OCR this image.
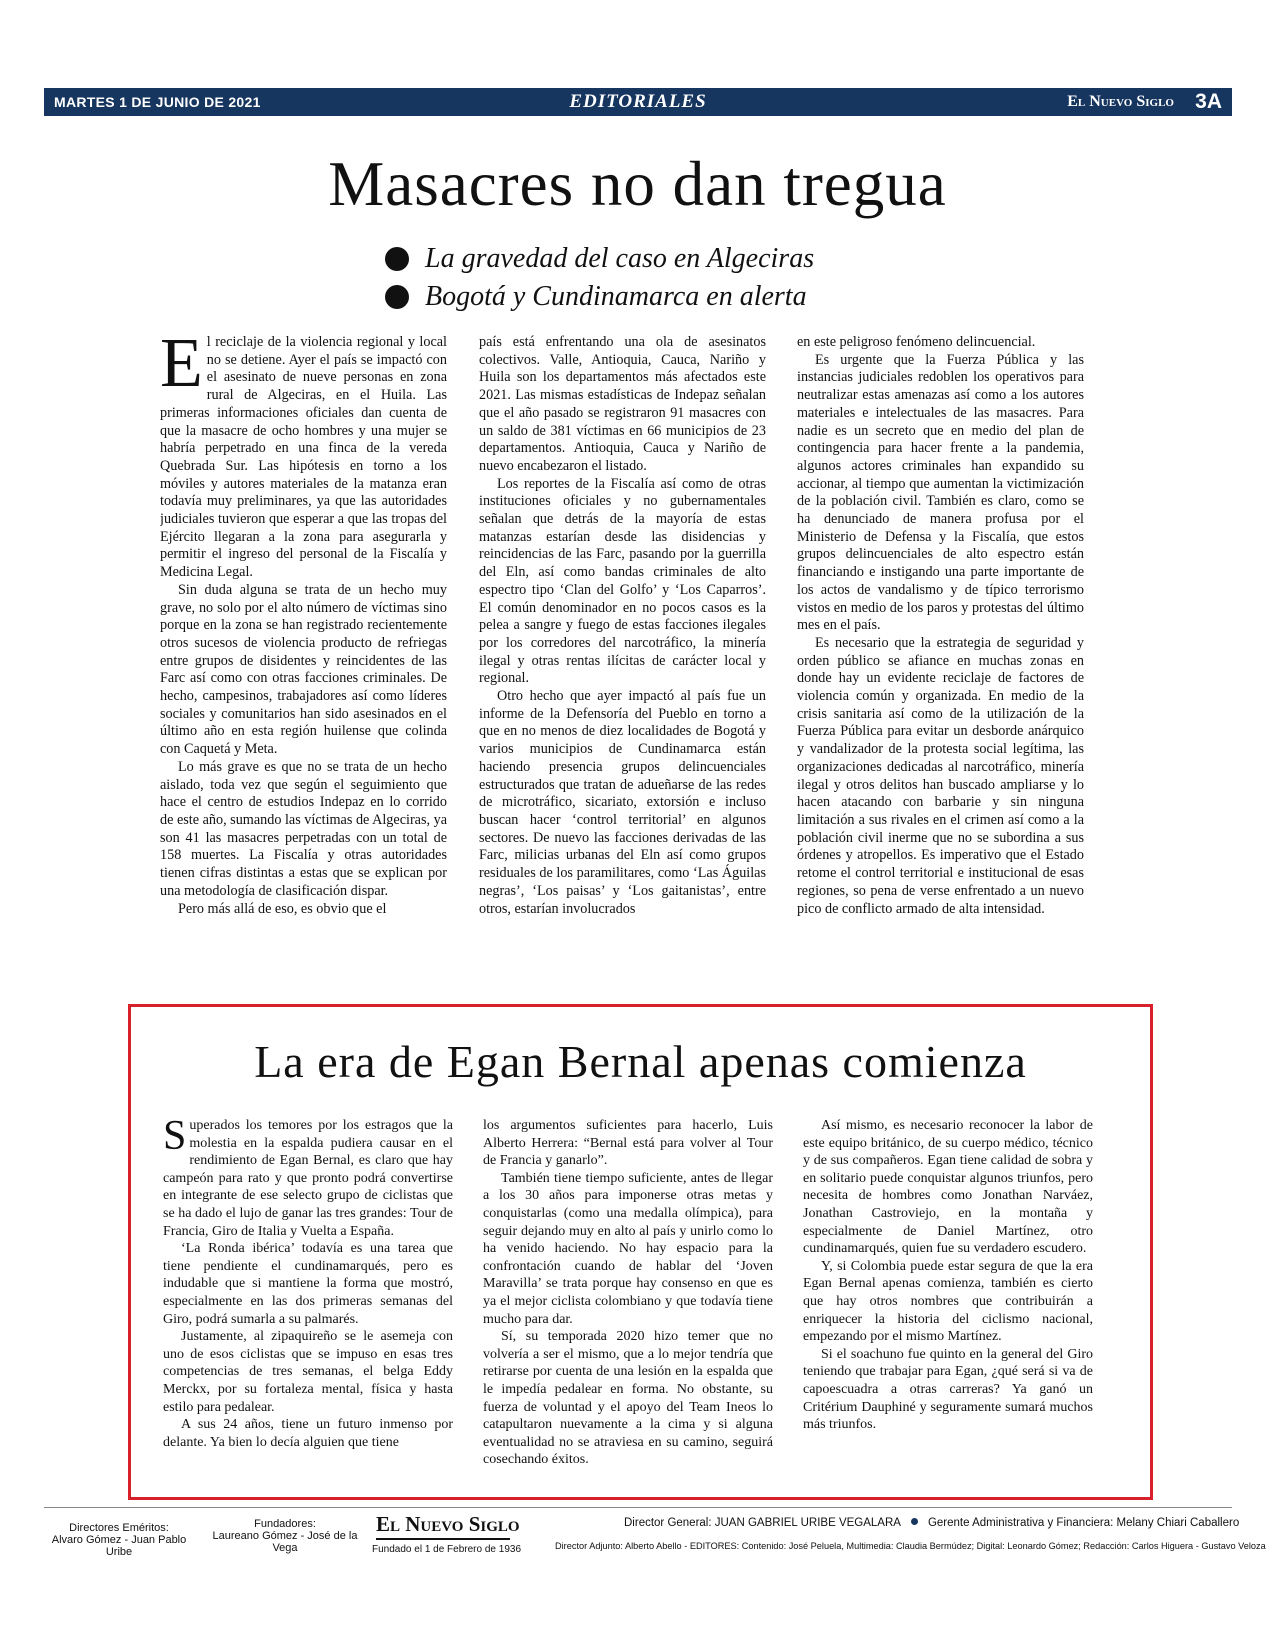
MARTES 1 DE JUNIO DE 2021	EDITORIALES	El Nuevo Siglo 3A
Masacres no dan tregua
La gravedad del caso en Algeciras
Bogotá y Cundinamarca en alerta

El reciclaje de la violencia regional y local no se detiene. Ayer el país se impactó con el asesinato de nueve personas en zona rural de Algeciras, en el Huila. Las primeras informaciones oficiales dan cuenta de que la masacre de ocho hombres y una mujer se habría perpetrado en una finca de la vereda Quebrada Sur. Las hipótesis en torno a los móviles y autores materiales de la matanza eran todavía muy preliminares, ya que las autoridades judiciales tuvieron que esperar a que las tropas del Ejército llegaran a la zona para asegurarla y permitir el ingreso del personal de la Fiscalía y Medicina Legal.

Sin duda alguna se trata de un hecho muy grave, no solo por el alto número de víctimas sino porque en la zona se han registrado recientemente otros sucesos de violencia producto de refriegas entre grupos de disidentes y reincidentes de las Farc así como con otras facciones criminales. De hecho, campesinos, trabajadores así como líderes sociales y comunitarios han sido asesinados en el último año en esta región huilense que colinda con Caquetá y Meta.

Lo más grave es que no se trata de un hecho aislado, toda vez que según el seguimiento que hace el centro de estudios Indepaz en lo corrido de este año, sumando las víctimas de Algeciras, ya son 41 las masacres perpetradas con un total de 158 muertes. La Fiscalía y otras autoridades tienen cifras distintas a estas que se explican por una metodología de clasificación dispar.

Pero más allá de eso, es obvio que el

país está enfrentando una ola de asesinatos colectivos. Valle, Antioquia, Cauca, Nariño y Huila son los departamentos más afectados este 2021. Las mismas estadísticas de Indepaz señalan que el año pasado se registraron 91 masacres con un saldo de 381 víctimas en 66 municipios de 23 departamentos. Antioquia, Cauca y Nariño de nuevo encabezaron el listado.

Los reportes de la Fiscalía así como de otras instituciones oficiales y no gubernamentales señalan que detrás de la mayoría de estas matanzas estarían desde las disidencias y reincidencias de las Farc, pasando por la guerrilla del Eln, así como bandas criminales de alto espectro tipo ‘Clan del Golfo’ y ‘Los Caparros’. El común denominador en no pocos casos es la pelea a sangre y fuego de estas facciones ilegales por los corredores del narcotráfico, la minería ilegal y otras rentas ilícitas de carácter local y regional.

Otro hecho que ayer impactó al país fue un informe de la Defensoría del Pueblo en torno a que en no menos de diez localidades de Bogotá y varios municipios de Cundinamarca están haciendo presencia grupos delincuenciales estructurados que tratan de adueñarse de las redes de microtráfico, sicariato, extorsión e incluso buscan hacer ‘control territorial’ en algunos sectores. De nuevo las facciones derivadas de las Farc, milicias urbanas del Eln así como grupos residuales de los paramilitares, como ‘Las Águilas negras’, ‘Los paisas’ y ‘Los gaitanistas’, entre otros, estarían involucrados

en este peligroso fenómeno delincuencial.

Es urgente que la Fuerza Pública y las instancias judiciales redoblen los operativos para neutralizar estas amenazas así como a los autores materiales e intelectuales de las masacres. Para nadie es un secreto que en medio del plan de contingencia para hacer frente a la pandemia, algunos actores criminales han expandido su accionar, al tiempo que aumentan la victimización de la población civil. También es claro, como se ha denunciado de manera profusa por el Ministerio de Defensa y la Fiscalía, que estos grupos delincuenciales de alto espectro están financiando e instigando una parte importante de los actos de vandalismo y de típico terrorismo vistos en medio de los paros y protestas del último mes en el país.

Es necesario que la estrategia de seguridad y orden público se afiance en muchas zonas en donde hay un evidente reciclaje de factores de violencia común y organizada. En medio de la crisis sanitaria así como de la utilización de la Fuerza Pública para evitar un desborde anárquico y vandalizador de la protesta social legítima, las organizaciones dedicadas al narcotráfico, minería ilegal y otros delitos han buscado ampliarse y lo hacen atacando con barbarie y sin ninguna limitación a sus rivales en el crimen así como a la población civil inerme que no se subordina a sus órdenes y atropellos. Es imperativo que el Estado retome el control territorial e institucional de esas regiones, so pena de verse enfrentado a un nuevo pico de conflicto armado de alta intensidad.

La era de Egan Bernal apenas comienza

Superados los temores por los estragos que la molestia en la espalda pudiera causar en el rendimiento de Egan Bernal, es claro que hay campeón para rato y que pronto podrá convertirse en integrante de ese selecto grupo de ciclistas que se ha dado el lujo de ganar las tres grandes: Tour de Francia, Giro de Italia y Vuelta a España.

‘La Ronda ibérica’ todavía es una tarea que tiene pendiente el cundinamarqués, pero es indudable que si mantiene la forma que mostró, especialmente en las dos primeras semanas del Giro, podrá sumarla a su palmarés.

Justamente, al zipaquireño se le asemeja con uno de esos ciclistas que se impuso en esas tres competencias de tres semanas, el belga Eddy Merckx, por su fortaleza mental, física y hasta estilo para pedalear.

A sus 24 años, tiene un futuro inmenso por delante. Ya bien lo decía alguien que tiene

los argumentos suficientes para hacerlo, Luis Alberto Herrera: “Bernal está para volver al Tour de Francia y ganarlo”.

También tiene tiempo suficiente, antes de llegar a los 30 años para imponerse otras metas y conquistarlas (como una medalla olímpica), para seguir dejando muy en alto al país y unirlo como lo ha venido haciendo. No hay espacio para la confrontación cuando de hablar del ‘Joven Maravilla’ se trata porque hay consenso en que es ya el mejor ciclista colombiano y que todavía tiene mucho para dar.

Sí, su temporada 2020 hizo temer que no volvería a ser el mismo, que a lo mejor tendría que retirarse por cuenta de una lesión en la espalda que le impedía pedalear en forma. No obstante, su fuerza de voluntad y el apoyo del Team Ineos lo catapultaron nuevamente a la cima y si alguna eventualidad no se atraviesa en su camino, seguirá cosechando éxitos.

Así mismo, es necesario reconocer la labor de este equipo británico, de su cuerpo médico, técnico y de sus compañeros. Egan tiene calidad de sobra y en solitario puede conquistar algunos triunfos, pero necesita de hombres como Jonathan Narváez, Jonathan Castroviejo, en la montaña y especialmente de Daniel Martínez, otro cundinamarqués, quien fue su verdadero escudero.

Y, si Colombia puede estar segura de que la era Egan Bernal apenas comienza, también es cierto que hay otros nombres que contribuirán a enriquecer la historia del ciclismo nacional, empezando por el mismo Martínez.

Si el soachuno fue quinto en la general del Giro teniendo que trabajar para Egan, ¿qué será si va de capoescuadra a otras carreras? Ya ganó un Critérium Dauphiné y seguramente sumará muchos más triunfos.

Directores Eméritos:
Alvaro Gómez - Juan Pablo Uribe
Fundadores:
Laureano Gómez - José de la Vega
El Nuevo Siglo
Fundado el 1 de Febrero de 1936
Director General: JUAN GABRIEL URIBE VEGALARA Gerente Administrativa y Financiera: Melany Chiari Caballero
Director Adjunto: Alberto Abello - EDITORES: Contenido: José Peluela, Multimedia: Claudia Bermúdez; Digital: Leonardo Gómez; Redacción: Carlos Higuera - Gustavo Veloza
